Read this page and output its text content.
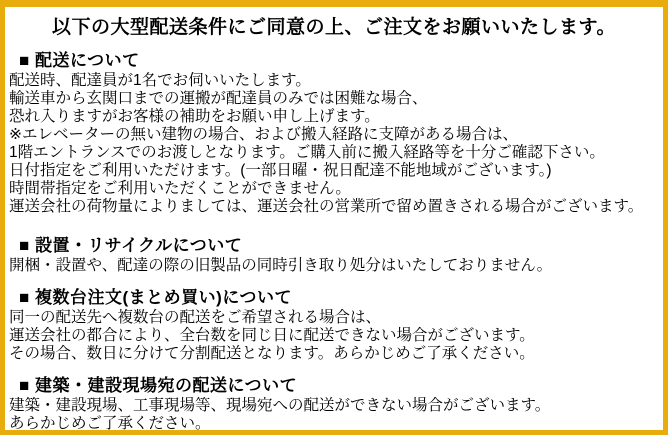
以下の大型配送条件にご同意の上、ご注文をお願いいたします。
■ 配送について
配送時、配達員が1名でお伺いいたします。
輸送車から玄関口までの運搬が配達員のみでは困難な場合、
恐れ入りますがお客様の補助をお願い申し上げます。
※エレベーターの無い建物の場合、および搬入経路に支障がある場合は、
1階エントランスでのお渡しとなります。ご購入前に搬入経路等を十分ご確認下さい。
日付指定をご利用いただけます。(一部日曜・祝日配達不能地域がございます。)
時間帯指定をご利用いただくことができません。
運送会社の荷物量によりましては、運送会社の営業所で留め置きされる場合がございます。
■ 設置・リサイクルについて
開梱・設置や、配達の際の旧製品の同時引き取り処分はいたしておりません。
■ 複数台注文(まとめ買い)について
同一の配送先へ複数台の配送をご希望される場合は、
運送会社の都合により、全台数を同じ日に配送できない場合がございます。
その場合、数日に分けて分割配送となります。あらかじめご了承ください。
■ 建築・建設現場宛の配送について
建築・建設現場、工事現場等、現場宛への配送ができない場合がございます。
あらかじめご了承ください。
